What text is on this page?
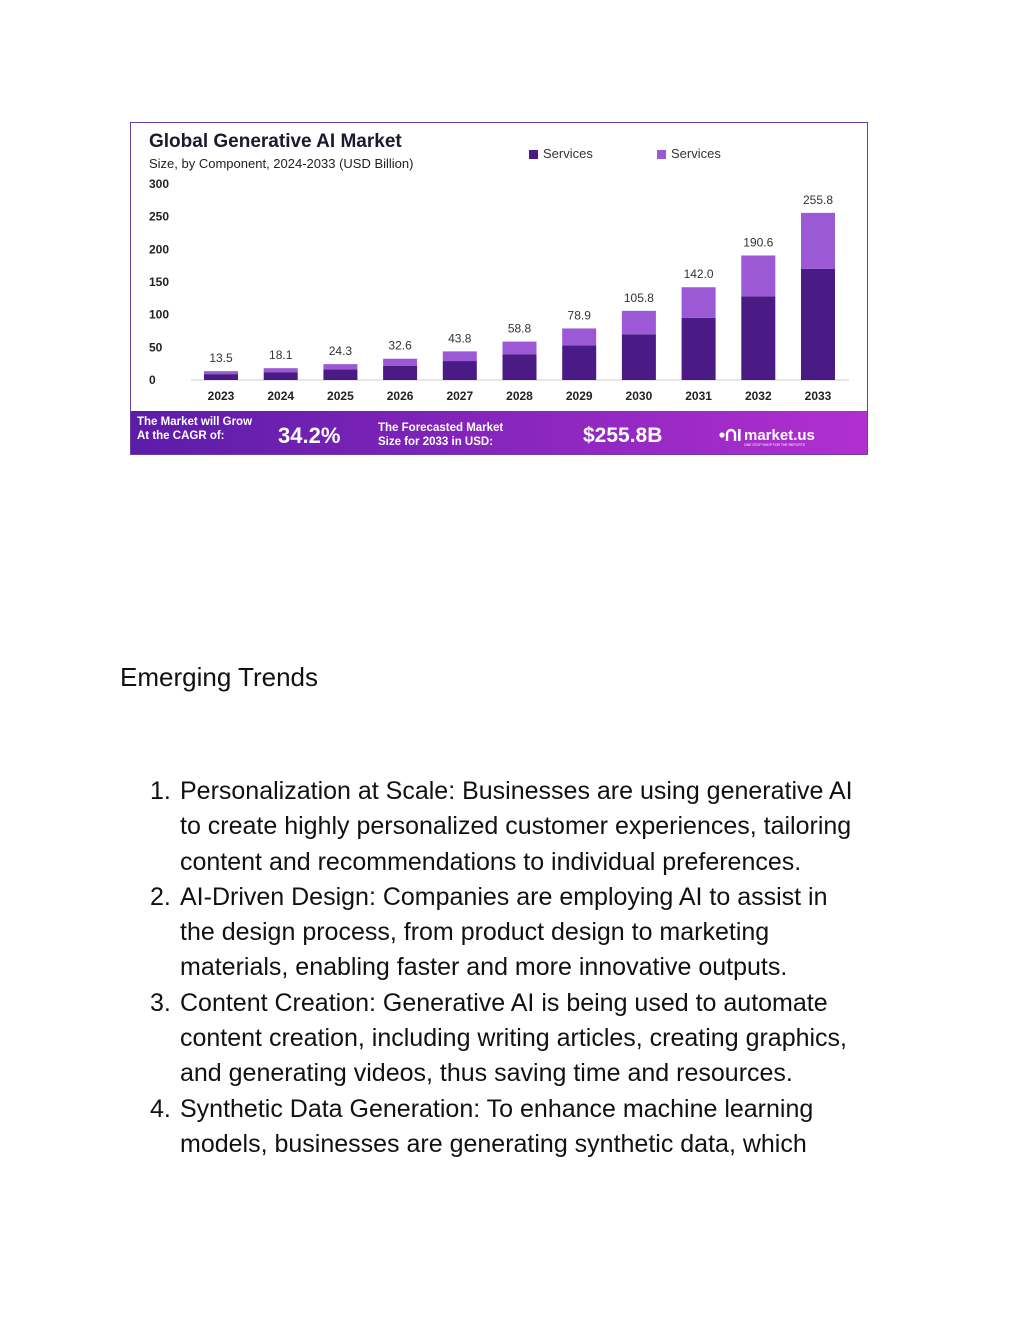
Global Generative AI Market
Size, by Component, 2024-2033 (USD Billion)
Services	Services
300
250
200
150
100
50
0
13.5	18.1	24.3	32.6
43.8
58.8
78.9
105.8
142.0
190.6
255.8
2023	2024	2025	2026	2027	2028	2029	2030	2031	2032	2033
The Market will Grow
At the CAGR of: 34.2%	The Forecasted Market
Size for 2033 in USD:	$255.8B	market.us
ONE STOP SHOP FOR THE REPORTS
Emerging Trends
1. Personalization at Scale: Businesses are using generative AI
to create highly personalized customer experiences, tailoring
content and recommendations to individual preferences.
2. AI-Driven Design: Companies are employing AI to assist in
the design process, from product design to marketing
materials, enabling faster and more innovative outputs.
3. Content Creation: Generative AI is being used to automate
content creation, including writing articles, creating graphics,
and generating videos, thus saving time and resources.
4. Synthetic Data Generation: To enhance machine learning
models, businesses are generating synthetic data, which
